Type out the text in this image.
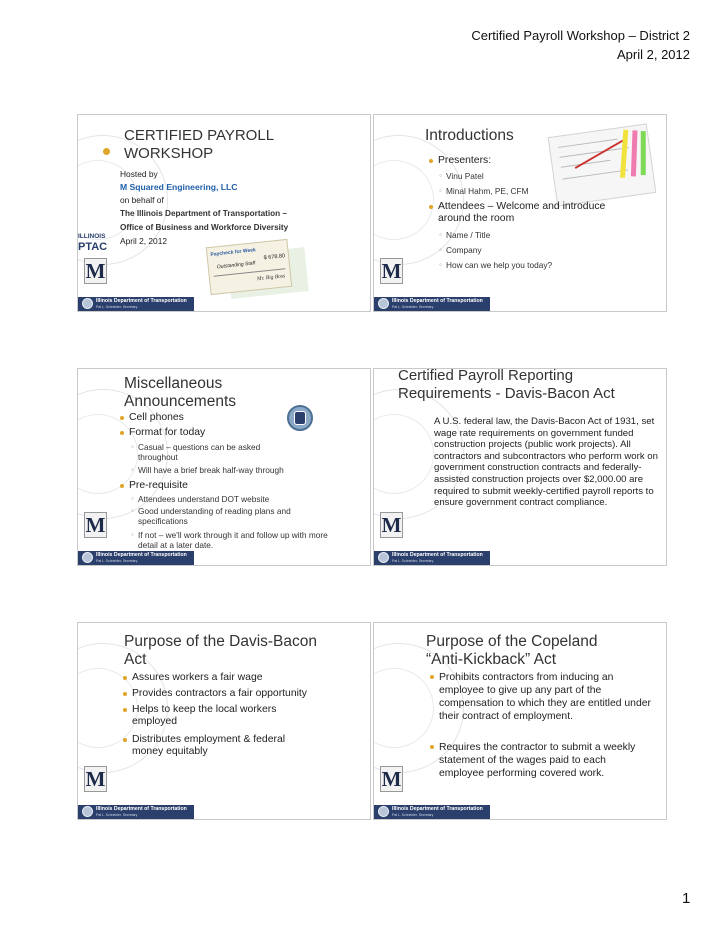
Certified Payroll Workshop – District 2
April 2, 2012
CERTIFIED PAYROLL WORKSHOP
Hosted by
M Squared Engineering, LLC
on behalf of
The Illinois Department of Transportation –
Office of Business and Workforce Diversity
April 2, 2012
ILLINOIS
PTAC
M
Paycheck for Week $ 678.80
Outstanding Staff
Mr. Big Boss
Illinois Department of Transportation
Pat L. Schneider, Secretary
Introductions
Presenters:
◦ Vinu Patel
◦ Minal Hahm, PE, CFM
Attendees – Welcome and introduce around the room
◦ Name / Title
◦ Company
◦ How can we help you today?
M
Illinois Department of Transportation
Pat L. Schneider, Secretary
Miscellaneous Announcements
Cell phones
Format for today
◦ Casual – questions can be asked throughout
◦ Will have a brief break half-way through
Pre-requisite
◦ Attendees understand DOT website
◦ Good understanding of reading plans and specifications
◦ If not – we'll work through it and follow up with more detail at a later date.
M
Illinois Department of Transportation
Pat L. Schneider, Secretary
Certified Payroll Reporting Requirements - Davis-Bacon Act
A U.S. federal law, the Davis-Bacon Act of 1931, set wage rate requirements on government funded construction projects (public work projects). All contractors and subcontractors who perform work on government construction contracts and federally-assisted construction projects over $2,000.00 are required to submit weekly-certified payroll reports to ensure government contract compliance.
M
Illinois Department of Transportation
Pat L. Schneider, Secretary
Purpose of the Davis-Bacon Act
Assures workers a fair wage
Provides contractors a fair opportunity
Helps to keep the local workers employed
Distributes employment & federal money equitably
M
Illinois Department of Transportation
Pat L. Schneider, Secretary
Purpose of the Copeland “Anti-Kickback” Act
Prohibits contractors from inducing an employee to give up any part of the compensation to which they are entitled under their contract of employment.
Requires the contractor to submit a weekly statement of the wages paid to each employee performing covered work.
M
Illinois Department of Transportation
Pat L. Schneider, Secretary
1
